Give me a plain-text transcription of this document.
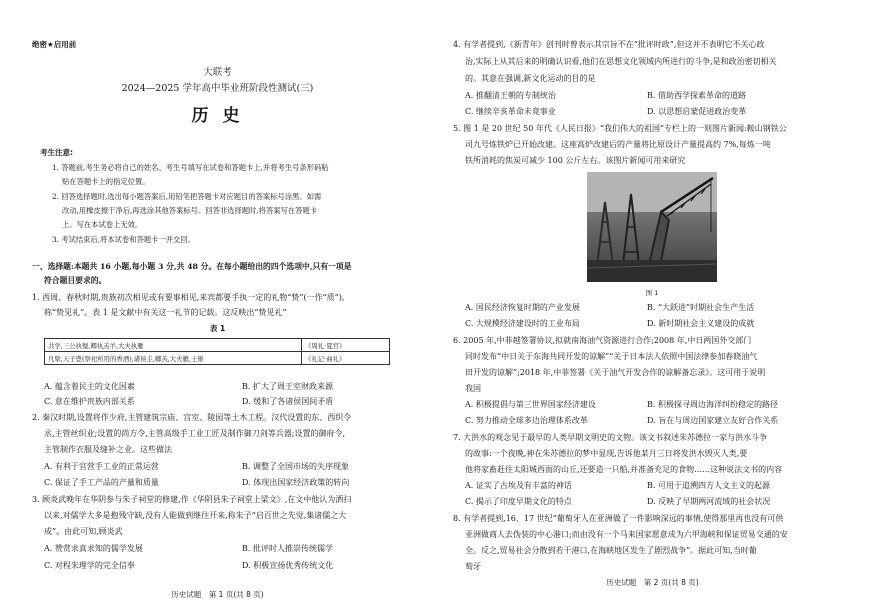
绝密★启用前
大联考
2024—2025 学年高中毕业班阶段性测试(三)
历 史
考生注意:
1. 答题前,考生务必将自己的姓名、考生号填写在试卷和答题卡上,并将考生号条形码粘
贴在答题卡上的指定位置。
2. 回答选择题时,选出每小题答案后,用铅笔把答题卡对应题目的答案标号涂黑。如需
改动,用橡皮擦干净后,再选涂其他答案标号。回答非选择题时,将答案写在答题卡
上。写在本试卷上无效。
3. 考试结束后,将本试卷和答题卡一并交回。
一、选择题:本题共 16 小题,每小题 3 分,共 48 分。在每小题给出的四个选项中,只有一项是
符合题目要求的。
1. 西周、春秋时期,贵族初次相见或有要事相见,来宾都要手执一定的礼物“贽”(一作“质”),
称“贽见礼”。表 1 是文献中有关这一礼节的记载。这反映出“贽见礼”
表 1
共学,三公执璧,卿执羔羊,大夫执雁	《周礼·夏官》
凡挚,天子鬯(祭祀所用的香酒),诸侯圭,卿羔,大夫雁,士雉	《礼记·曲礼》
A. 蕴含着民主的文化因素	B. 扩大了周王室财政来源
C. 意在维护贵族内部关系	D. 缓和了各诸侯国间矛盾
2. 秦汉时期,设置将作少府,主管建筑宗庙、宫室、陵园等土木工程。汉代设置的东、西织令
丞,主管丝织业;设置的尚方令,主管高级手工业工匠及制作御刀剑等兵器;设置的御府令,
主管制作衣服及缝补之业。这些做法
A. 有利于官营手工业的正常运营	B. 调整了全国市场的失序现象
C. 保证了手工产品的产量和质量	D. 体现出国家经济政策的转向
3. 顾炎武晚年在华阴参与朱子祠堂的修建,作《华阴县朱子祠堂上梁文》,在文中他认为洒扫
以来,对儒学大多是抱残守缺,没有人能做到继往开来,称朱子“启百世之先觉,集诸儒之大
成”。由此可知,顾炎武
A. 赞赏求真求知的儒学发展	B. 批评时人推崇传统儒学
C. 对程朱理学的完全信奉	D. 积极宣扬优秀传统文化
历史试题　第 1 页(共 8 页)
4. 有学者提到,《新青年》创刊时曾表示其宗旨不在“批评时政”,但这并不表明它不关心政
治,实际上从其后来的明确认识看,他们在思想文化领域内所进行的斗争,是和政治密切相关
的。其意在强调,新文化运动的目的是
A. 推翻清王朝的专制统治	B. 借助西学探索革命的道路
C. 继续辛亥革命未竟事业	D. 以思想启蒙促进政治变革
5. 图 1 是 20 世纪 50 年代《人民日报》“我们伟大的祖国”专栏上的一则图片新闻:鞍山钢铁公
司九号炼铁炉已开始改建。这座高炉改建后的产量将比原设计产量提高约 7%,每炼一吨
铁所消耗的焦炭可减少 100 公斤左右。该图片新闻可用来研究
图 1
A. 国民经济恢复时期的产业发展	B. “大跃进”时期社会生产生活
C. 大规模经济建设时的工业布局	D. 新时期社会主义建设的成就
6. 2005 年,中菲越签署协议,拟就南海油气资源进行合作;2008 年,中日两国外交部门
同时发布“中日关于东海共同开发的谅解”“关于日本法人依照中国法律参加春晓油气
田开发的谅解”;2018 年,中菲签署《关于油气开发合作的谅解备忘录》。这可用于说明
我国
A. 积极提倡与第三世界国家经济建设	B. 积极探寻周边海洋纠纷稳定的路径
C. 努力推动全球多边治理体系改革	D. 旨在与周边国家建立友好合作关系
7. 大洪水的观念见于最早的人类早期文明史的文物。该文书叙述朱苏德拉一家与洪水斗争
的故事:一个夜晚,神在朱苏德拉的梦中显现,告诉他某月三日将发洪水毁灭人类,要
他将家畜赶往太阳城西面的山丘,还要造一只船,并准备充足的食物……这种说法文书的内容
A. 证实了古埃及有丰富的神话	B. 可用于追溯四方人文主义的起源
C. 揭示了印度早期文化的特点	D. 反映了早期两河流域的社会状况
8. 有学者提到,16、17 世纪“葡萄牙人在亚洲做了一件影响深远的事情,使得那里再也没有可供
亚洲做商人去伪装的中心港口;而由没有一个马来国家愿意成为六甲海峡和保证贸易交通的安
全。反之,贸易社会分散到若干港口,在海峡地区发生了剧烈战争”。据此可知,当时葡
萄牙
历史试题　第 2 页(共 8 页)
